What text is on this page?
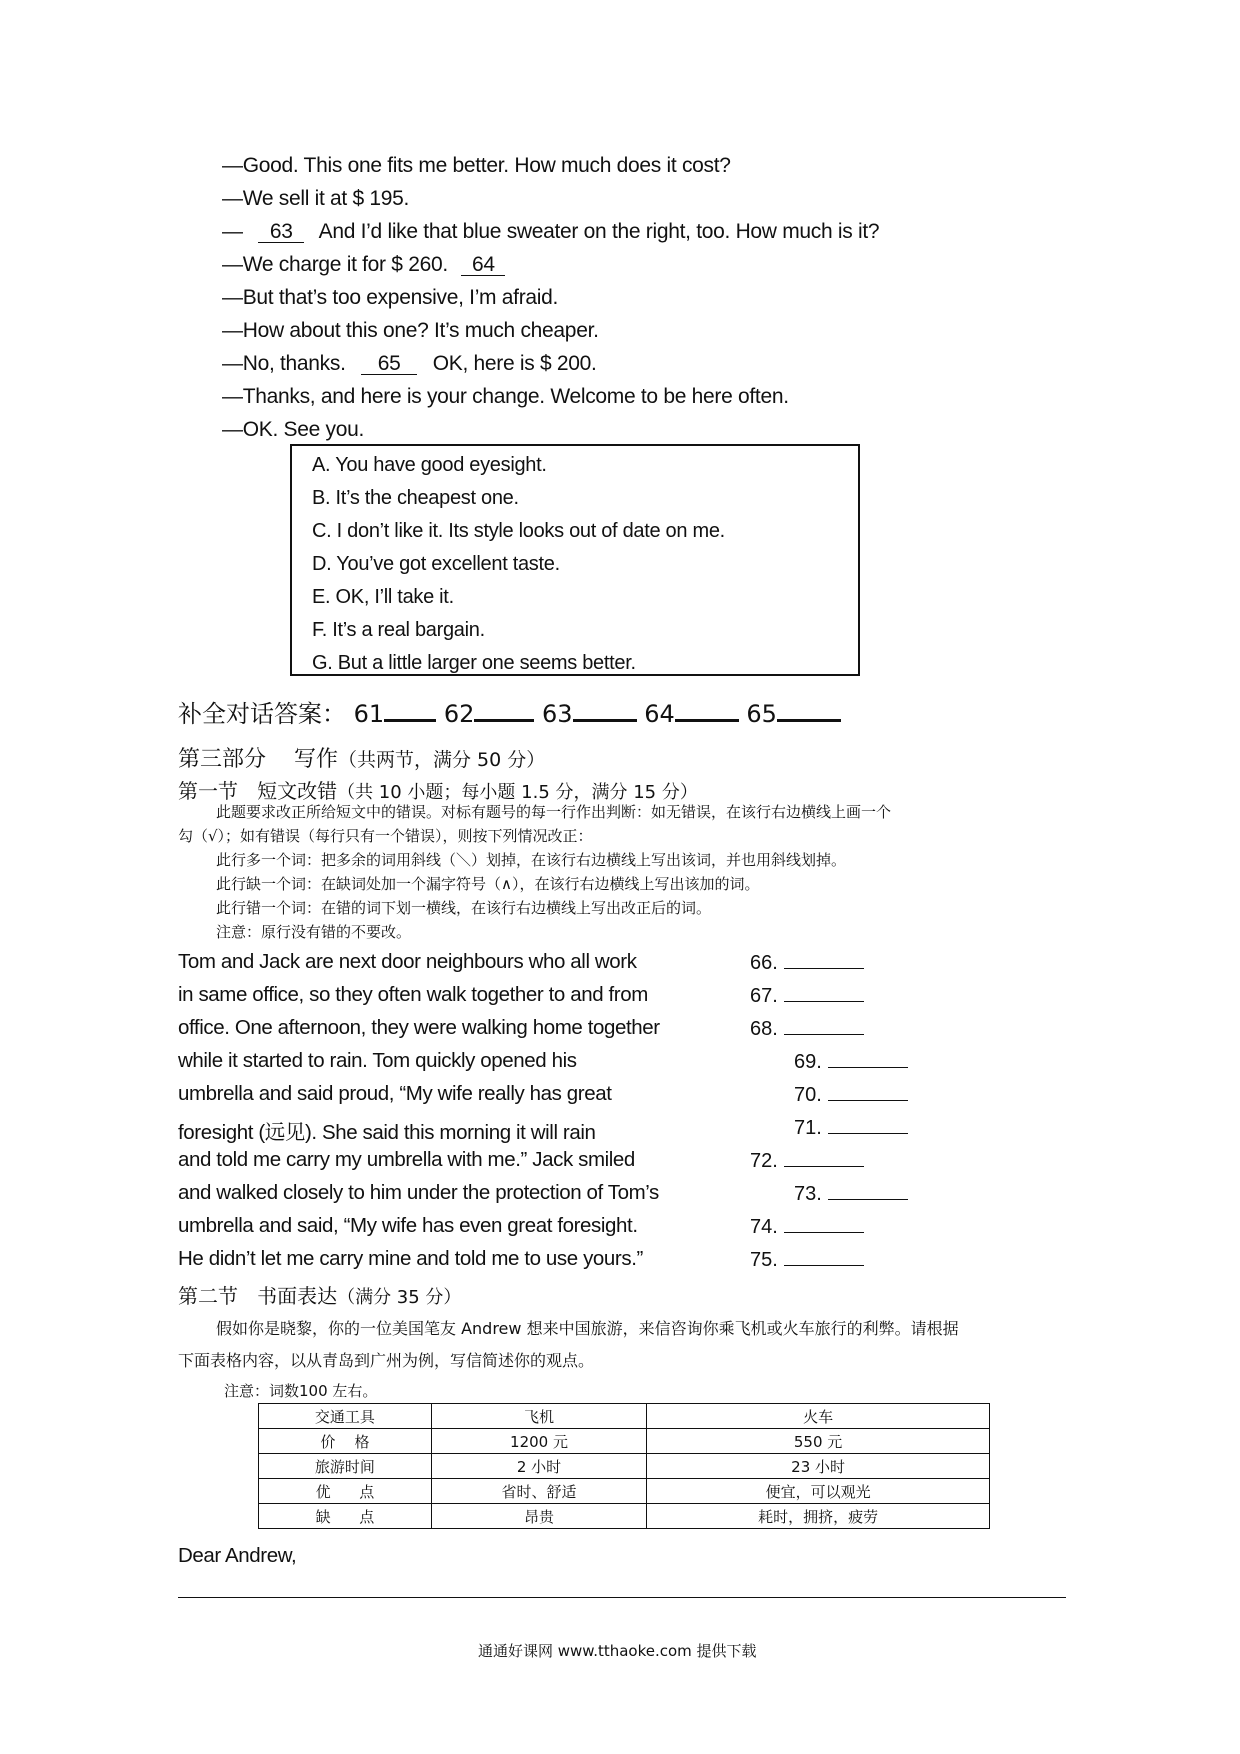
—Good. This one fits me better. How much does it cost?
—We sell it at $ 195.
— 63 And I’d like that blue sweater on the right, too. How much is it?
—We charge it for $ 260. 64
—But that’s too expensive, I’m afraid.
—How about this one? It’s much cheaper.
—No, thanks. 65 OK, here is $ 200.
—Thanks, and here is your change. Welcome to be here often.
—OK. See you.
A. You have good eyesight.
B. It’s the cheapest one.
C. I don’t like it. Its style looks out of date on me.
D. You’ve got excellent taste.
E. OK, I’ll take it.
F. It’s a real bargain.
G. But a little larger one seems better.
补全对话答案： 61 62	63	64	65
第三部分 写作（共两节，满分 50 分）
第一节 短文改错（共 10 小题；每小题 1.5 分，满分 15 分）
此题要求改正所给短文中的错误。对标有题号的每一行作出判断：如无错误，在该行右边横线上画一个
勾（√）；如有错误（每行只有一个错误），则按下列情况改正：
此行多一个词：把多余的词用斜线（＼）划掉，在该行右边横线上写出该词，并也用斜线划掉。
此行缺一个词：在缺词处加一个漏字符号（∧），在该行右边横线上写出该加的词。
此行错一个词：在错的词下划一横线，在该行右边横线上写出改正后的词。
注意：原行没有错的不要改。
Tom and Jack are next door neighbours who all work
in same office, so they often walk together to and from
office. One afternoon, they were walking home together
while it started to rain. Tom quickly opened his
umbrella and said proud, “My wife really has great
foresight (远见). She said this morning it will rain
and told me carry my umbrella with me.” Jack smiled
and walked closely to him under the protection of Tom’s
umbrella and said, “My wife has even great foresight.
He didn’t let me carry mine and told me to use yours.”
66.
67.
68.
69.
70.
71.
72.
73.
74.
75.
第二节 书面表达（满分 35 分）
假如你是晓黎，你的一位美国笔友 Andrew 想来中国旅游，来信咨询你乘飞机或火车旅行的利弊。请根据
下面表格内容，以从青岛到广州为例，写信简述你的观点。
注意：词数100 左右。
交通工具	飞机	火车
价    格	1200 元	550 元
旅游时间	2 小时	23 小时
优      点	省时、舒适	便宜，可以观光
缺      点	昂贵	耗时，拥挤，疲劳
Dear Andrew,
通通好课网 www.tthaoke.com 提供下载
